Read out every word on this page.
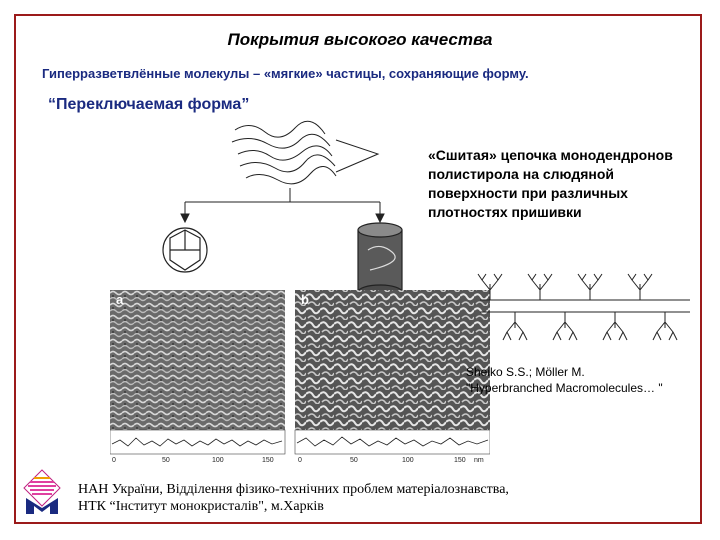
Покрытия высокого качества
Гиперразветвлённые молекулы – «мягкие» частицы, сохраняющие форму.
“Переключаемая форма”
a	b
0	50	100	150	0	50	100	150 nm
«Сшитая» цепочка монодендронов полистирола на слюдяной поверхности при различных плотностях пришивки
Sheiko S.S.; Möller M.
"Hyperbranched Macromolecules… "
НАН України, Відділення фізико-технічних проблем матеріалознавства,
НТК “Інститут монокристалів", м.Харків
